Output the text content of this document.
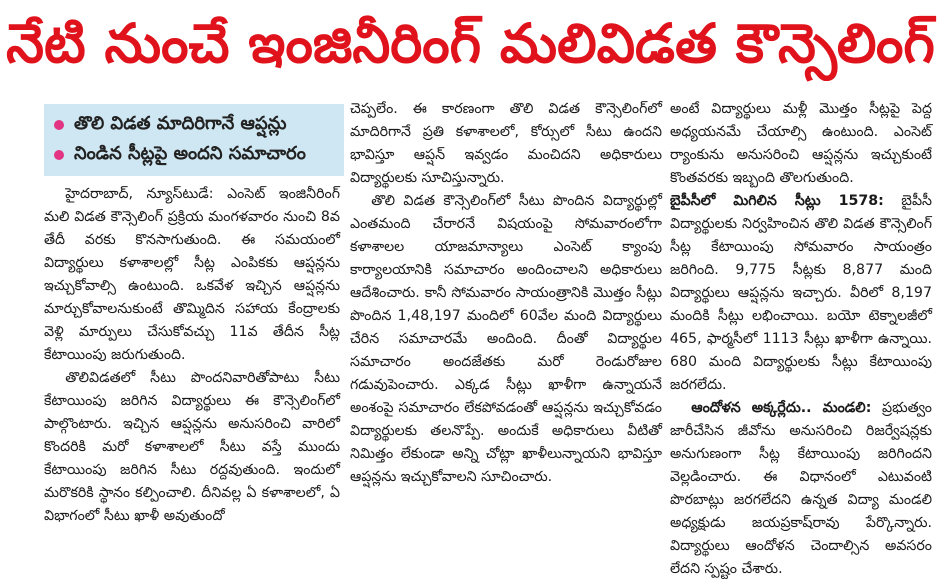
నేటి నుంచే ఇంజినీరింగ్ మలివిడత కౌన్సెలింగ్
తొలి విడత మాదిరిగానే ఆప్షన్లు
నిండిన సీట్లపై అందని సమాచారం

హైదరాబాద్, న్యూస్‌టుడే: ఎంసెట్ ఇంజినీరింగ్ మలి విడత కౌన్సెలింగ్ ప్రక్రియ మంగళవారం నుంచి 8వ తేదీ వరకు కొనసాగుతుంది. ఈ సమయంలో విద్యార్థులు కళాశాలల్లో సీట్ల ఎంపికకు ఆప్షన్లను ఇచ్చుకోవాల్సి ఉంటుంది. ఒకవేళ ఇచ్చిన ఆప్షన్లను మార్చుకోవాలనుకుంటే తొమ్మిదిన సహాయ కేంద్రాలకు వెళ్లి మార్పులు చేసుకోవచ్చు 11వ తేదీన సీట్ల కేటాయింపు జరుగుతుంది.

తొలివిడతలో సీటు పొందనివారితోపాటు సీటు కేటాయింపు జరిగిన విద్యార్థులు ఈ కౌన్సెలింగ్‌లో పాల్గొంటారు. ఇచ్చిన ఆప్షన్లను అనుసరించి వారిలో కొందరికి మరో కళాశాలలో సీటు వస్తే ముందు కేటాయింపు జరిగిన సీటు రద్దవుతుంది. ఇందులో మరొకరికి స్థానం కల్పించాలి. దీనివల్ల ఏ కళాశాలలో, ఏ విభాగంలో సీటు ఖాళీ అవుతుందో

చెప్పలేం. ఈ కారణంగా తొలి విడత కౌన్సెలింగ్‌లో మాదిరిగానే ప్రతి కళాశాలలో, కోర్సులో సీటు ఉందని భావిస్తూ ఆప్షన్ ఇవ్వడం మంచిదని అధికారులు విద్యార్థులకు సూచిస్తున్నారు.

తొలి విడత కౌన్సెలింగ్‌లో సీటు పొందిన విద్యార్థుల్లో ఎంతమంది చేరారనే విషయంపై సోమవారంలోగా కళాశాలల యాజమాన్యాలు ఎంసెట్ క్యాంపు కార్యాలయానికి సమాచారం అందించాలని అధికారులు ఆదేశించారు. కానీ సోమవారం సాయంత్రానికి మొత్తం సీట్లు పొందిన 1,48,197 మందిలో 60వేల మంది విద్యార్థులు చేరిన సమాచారమే అందింది. దీంతో విద్యార్థుల సమాచారం అందజేతకు మరో రెండురోజుల గడువుపెంచారు. ఎక్కడ సీట్లు ఖాళీగా ఉన్నాయనే అంశంపై సమాచారం లేకపోవడంతో ఆప్షన్లను ఇచ్చుకోవడం విద్యార్థులకు తలనొప్పే. అందుకే అధికారులు వీటితో నిమిత్తం లేకుండా అన్ని చోట్లా ఖాళీలున్నాయని భావిస్తూ ఆప్షన్లను ఇచ్చుకోవాలని సూచించారు.

అంటే విద్యార్థులు మళ్లీ మొత్తం సీట్లపై పెద్ద అధ్యయనమే చేయాల్సి ఉంటుంది. ఎంసెట్ ర్యాంకును అనుసరించి ఆప్షన్లను ఇచ్చుకుంటే కొంతవరకు ఇబ్బంది తొలగుతుంది.

బైపీసీలో మిగిలిన సీట్లు 1578: బైపీసీ విద్యార్థులకు నిర్వహించిన తొలి విడత కౌన్సెలింగ్ సీట్ల కేటాయింపు సోమవారం సాయంత్రం జరిగింది. 9,775 సీట్లకు 8,877 మంది విద్యార్థులు ఆప్షన్లను ఇచ్చారు. వీరిలో 8,197 మందికి సీట్లు లభించాయి. బయో టెక్నాలజీలో 465, ఫార్మసీలో 1113 సీట్లు ఖాళీగా ఉన్నాయి. 680 మంది విద్యార్థులకు సీట్లు కేటాయింపు జరగలేదు.

ఆందోళన అక్కర్లేదు.. మండలి: ప్రభుత్వం జారీచేసిన జీవోను అనుసరించి రిజర్వేషన్లకు అనుగుణంగా సీట్ల కేటాయింపు జరిగిందని వెల్లడించారు. ఈ విధానంలో ఎటువంటి పొరబాట్లు జరగలేదని ఉన్నత విద్యా మండలి అధ్యక్షుడు జయప్రకాష్‌రావు పేర్కొన్నారు. విద్యార్థులు ఆందోళన చెందాల్సిన అవసరం లేదని స్పష్టం చేశారు.
